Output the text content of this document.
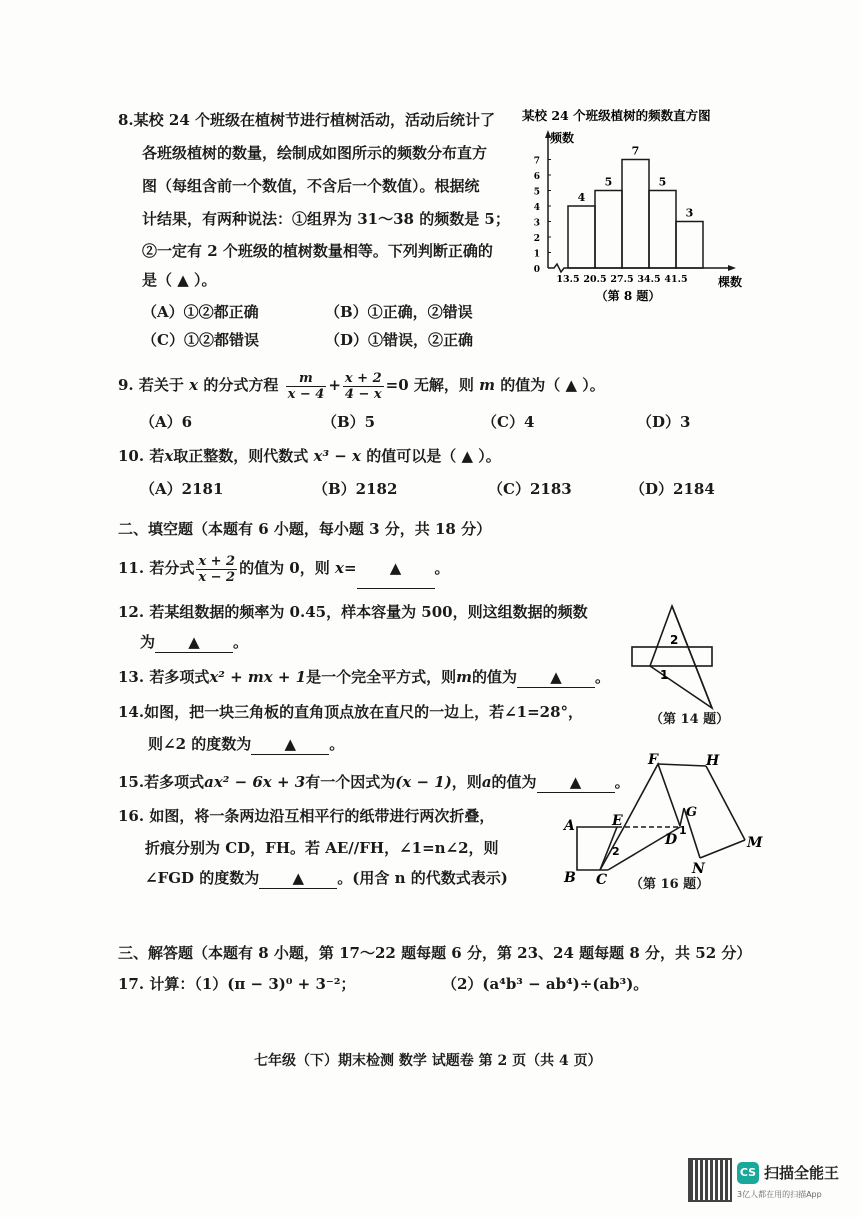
8.某校 24 个班级在植树节进行植树活动，活动后统计了
各班级植树的数量，绘制成如图所示的频数分布直方
图（每组含前一个数值，不含后一个数值）。根据统
计结果，有两种说法：①组界为 31～38 的频数是 5；
②一定有 2 个班级的植树数量相等。下列判断正确的
是（ ▲ ）。
（A）①②都正确	（B）①正确，②错误
（C）①②都错误	（D）①错误，②正确
某校 24 个班级植树的频数直方图
频数
棵数
0
1
2
3
4
5
6
7
4
5
7
5
3
13.5 20.5 27.5 34.5 41.5
（第 8 题）
9. 若关于 x 的分式方程 $\frac{m}{x - 4} + \frac{x + 2}{4 - x} =0$ 无解，则 m 的值为（ ▲ ）。
（A）6	（B）5	（C）4	（D）3
10. 若x取正整数，则代数式 x³ − x 的值可以是（ ▲ ）。
（A）2181	（B）2182	（C）2183	（D）2184
二、填空题（本题有 6 小题，每小题 3 分，共 18 分）
11. 若分式 $\frac{x + 2}{x - 2}$ 的值为 0，则 x= ▲ 。
12. 若某组数据的频率为 0.45，样本容量为 500，则这组数据的频数
为 ▲ 。
13. 若多项式x² + mx + 1是一个完全平方式，则m的值为 ▲ 。
2
1
（第 14 题）
14.如图，把一块三角板的直角顶点放在直尺的一边上，若∠1=28°，
则∠2 的度数为 ▲ 。
15.若多项式ax² − 6x + 3有一个因式为(x − 1)，则a的值为 ▲ 。
16. 如图，将一条两边沿互相平行的纸带进行两次折叠，
折痕分别为 CD，FH。若 AE//FH，∠1=n∠2，则
∠FGD 的度数为 ▲ 。(用含 n 的代数式表示)
F	H
G
A	E
D
1
M
N
2
B C （第 16 题）
三、解答题（本题有 8 小题，第 17～22 题每题 6 分，第 23、24 题每题 8 分，共 52 分）
17. 计算：（1）(π − 3)⁰ + 3⁻²；	（2）(a⁴b³ − ab⁴)÷(ab³)。
七年级（下）期末检测 数学 试题卷 第 2 页（共 4 页）
CS 扫描全能王
3亿人都在用的扫描App
